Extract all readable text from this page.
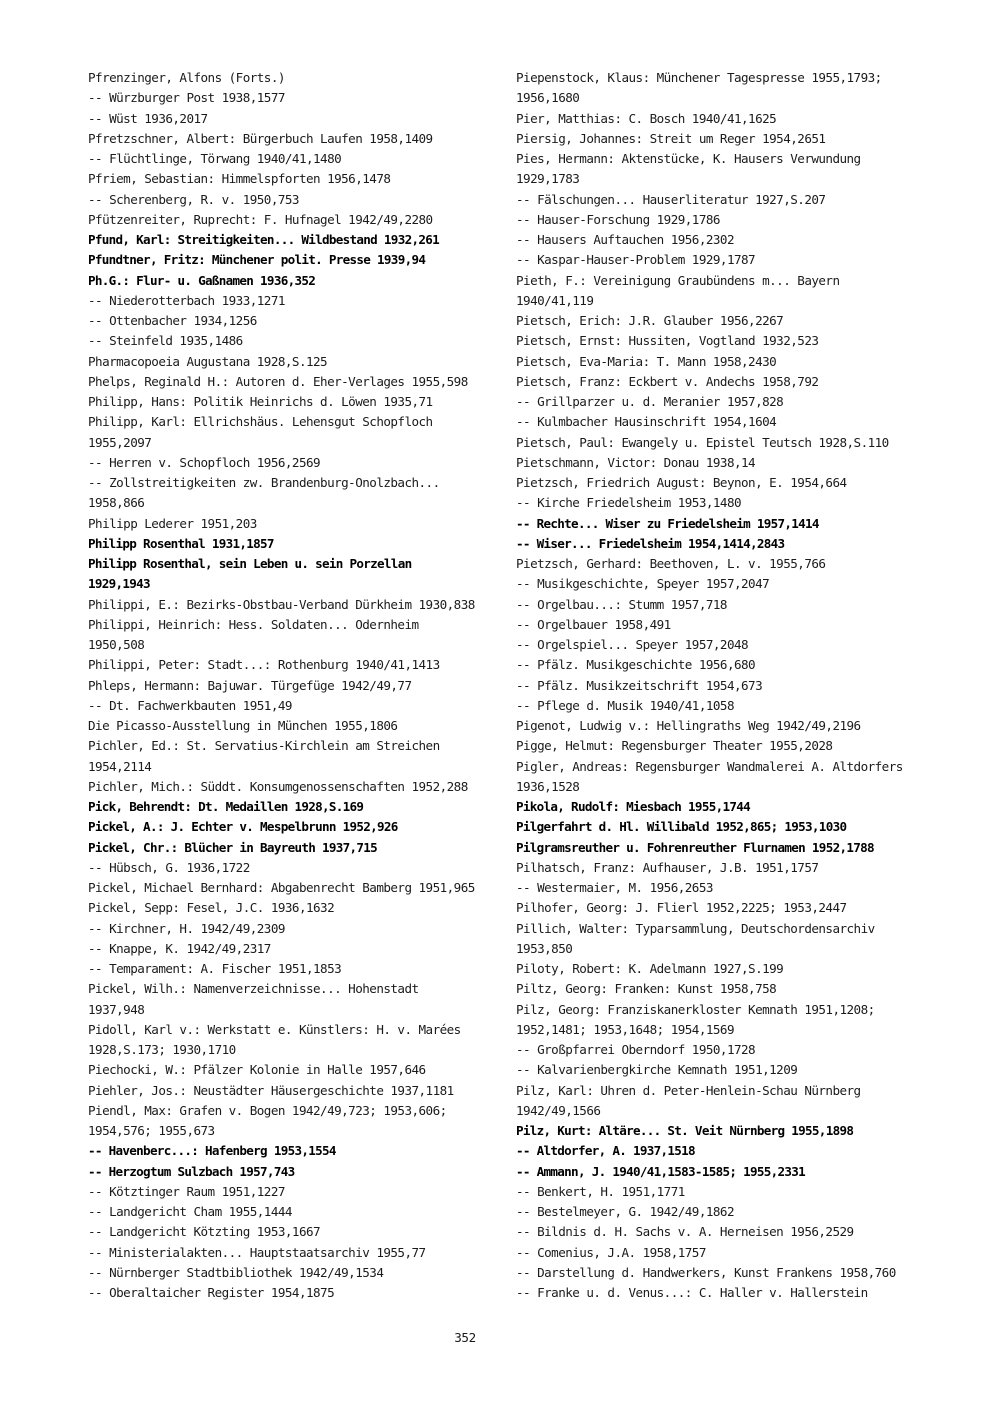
Pfrenzinger, Alfons (Forts.)
-- Würzburger Post 1938,1577
-- Wüst 1936,2017
Pfretzschner, Albert: Bürgerbuch Laufen 1958,1409
-- Flüchtlinge, Törwang 1940/41,1480
Pfriem, Sebastian: Himmelspforten 1956,1478
-- Scherenberg, R. v. 1950,753
Pfützenreiter, Ruprecht: F. Hufnagel 1942/49,2280
Pfund, Karl: Streitigkeiten... Wildbestand 1932,261
Pfundtner, Fritz: Münchener polit. Presse 1939,94
Ph.G.: Flur- u. Gaßnamen 1936,352
-- Niederotterbach 1933,1271
-- Ottenbacher 1934,1256
-- Steinfeld 1935,1486
Pharmacopoeia Augustana 1928,S.125
Phelps, Reginald H.: Autoren d. Eher-Verlages 1955,598
Philipp, Hans: Politik Heinrichs d. Löwen 1935,71
Philipp, Karl: Ellrichshäus. Lehensgut Schopfloch
1955,2097
-- Herren v. Schopfloch 1956,2569
-- Zollstreitigkeiten zw. Brandenburg-Onolzbach...
1958,866
Philipp Lederer 1951,203
Philipp Rosenthal 1931,1857
Philipp Rosenthal, sein Leben u. sein Porzellan
1929,1943
Philippi, E.: Bezirks-Obstbau-Verband Dürkheim 1930,838
Philippi, Heinrich: Hess. Soldaten... Odernheim
1950,508
Philippi, Peter: Stadt...: Rothenburg 1940/41,1413
Phleps, Hermann: Bajuwar. Türgefüge 1942/49,77
-- Dt. Fachwerkbauten 1951,49
Die Picasso-Ausstellung in München 1955,1806
Pichler, Ed.: St. Servatius-Kirchlein am Streichen
1954,2114
Pichler, Mich.: Süddt. Konsumgenossenschaften 1952,288
Pick, Behrendt: Dt. Medaillen 1928,S.169
Pickel, A.: J. Echter v. Mespelbrunn 1952,926
Pickel, Chr.: Blücher in Bayreuth 1937,715
-- Hübsch, G. 1936,1722
Pickel, Michael Bernhard: Abgabenrecht Bamberg 1951,965
Pickel, Sepp: Fesel, J.C. 1936,1632
-- Kirchner, H. 1942/49,2309
-- Knappe, K. 1942/49,2317
-- Temparament: A. Fischer 1951,1853
Pickel, Wilh.: Namenverzeichnisse... Hohenstadt
1937,948
Pidoll, Karl v.: Werkstatt e. Künstlers: H. v. Marées
1928,S.173; 1930,1710
Piechocki, W.: Pfälzer Kolonie in Halle 1957,646
Piehler, Jos.: Neustädter Häusergeschichte 1937,1181
Piendl, Max: Grafen v. Bogen 1942/49,723; 1953,606;
1954,576; 1955,673
-- Havenberc...: Hafenberg 1953,1554
-- Herzogtum Sulzbach 1957,743
-- Kötztinger Raum 1951,1227
-- Landgericht Cham 1955,1444
-- Landgericht Kötzting 1953,1667
-- Ministerialakten... Hauptstaatsarchiv 1955,77
-- Nürnberger Stadtbibliothek 1942/49,1534
-- Oberaltaicher Register 1954,1875
Piepenstock, Klaus: Münchener Tagespresse 1955,1793;
1956,1680
Pier, Matthias: C. Bosch 1940/41,1625
Piersig, Johannes: Streit um Reger 1954,2651
Pies, Hermann: Aktenstücke, K. Hausers Verwundung
1929,1783
-- Fälschungen... Hauserliteratur 1927,S.207
-- Hauser-Forschung 1929,1786
-- Hausers Auftauchen 1956,2302
-- Kaspar-Hauser-Problem 1929,1787
Pieth, F.: Vereinigung Graubündens m... Bayern
1940/41,119
Pietsch, Erich: J.R. Glauber 1956,2267
Pietsch, Ernst: Hussiten, Vogtland 1932,523
Pietsch, Eva-Maria: T. Mann 1958,2430
Pietsch, Franz: Eckbert v. Andechs 1958,792
-- Grillparzer u. d. Meranier 1957,828
-- Kulmbacher Hausinschrift 1954,1604
Pietsch, Paul: Ewangely u. Epistel Teutsch 1928,S.110
Pietschmann, Victor: Donau 1938,14
Pietzsch, Friedrich August: Beynon, E. 1954,664
-- Kirche Friedelsheim 1953,1480
-- Rechte... Wiser zu Friedelsheim 1957,1414
-- Wiser... Friedelsheim 1954,1414,2843
Pietzsch, Gerhard: Beethoven, L. v. 1955,766
-- Musikgeschichte, Speyer 1957,2047
-- Orgelbau...: Stumm 1957,718
-- Orgelbauer 1958,491
-- Orgelspiel... Speyer 1957,2048
-- Pfälz. Musikgeschichte 1956,680
-- Pfälz. Musikzeitschrift 1954,673
-- Pflege d. Musik 1940/41,1058
Pigenot, Ludwig v.: Hellingraths Weg 1942/49,2196
Pigge, Helmut: Regensburger Theater 1955,2028
Pigler, Andreas: Regensburger Wandmalerei A. Altdorfers
1936,1528
Pikola, Rudolf: Miesbach 1955,1744
Pilgerfahrt d. Hl. Willibald 1952,865; 1953,1030
Pilgramsreuther u. Fohrenreuther Flurnamen 1952,1788
Pilhatsch, Franz: Aufhauser, J.B. 1951,1757
-- Westermaier, M. 1956,2653
Pilhofer, Georg: J. Flierl 1952,2225; 1953,2447
Pillich, Walter: Typarsammlung, Deutschordensarchiv
1953,850
Piloty, Robert: K. Adelmann 1927,S.199
Piltz, Georg: Franken: Kunst 1958,758
Pilz, Georg: Franziskanerkloster Kemnath 1951,1208;
1952,1481; 1953,1648; 1954,1569
-- Großpfarrei Oberndorf 1950,1728
-- Kalvarienbergkirche Kemnath 1951,1209
Pilz, Karl: Uhren d. Peter-Henlein-Schau Nürnberg
1942/49,1566
Pilz, Kurt: Altäre... St. Veit Nürnberg 1955,1898
-- Altdorfer, A. 1937,1518
-- Ammann, J. 1940/41,1583-1585; 1955,2331
-- Benkert, H. 1951,1771
-- Bestelmeyer, G. 1942/49,1862
-- Bildnis d. H. Sachs v. A. Herneisen 1956,2529
-- Comenius, J.A. 1958,1757
-- Darstellung d. Handwerkers, Kunst Frankens 1958,760
-- Franke u. d. Venus...: C. Haller v. Hallerstein
352
